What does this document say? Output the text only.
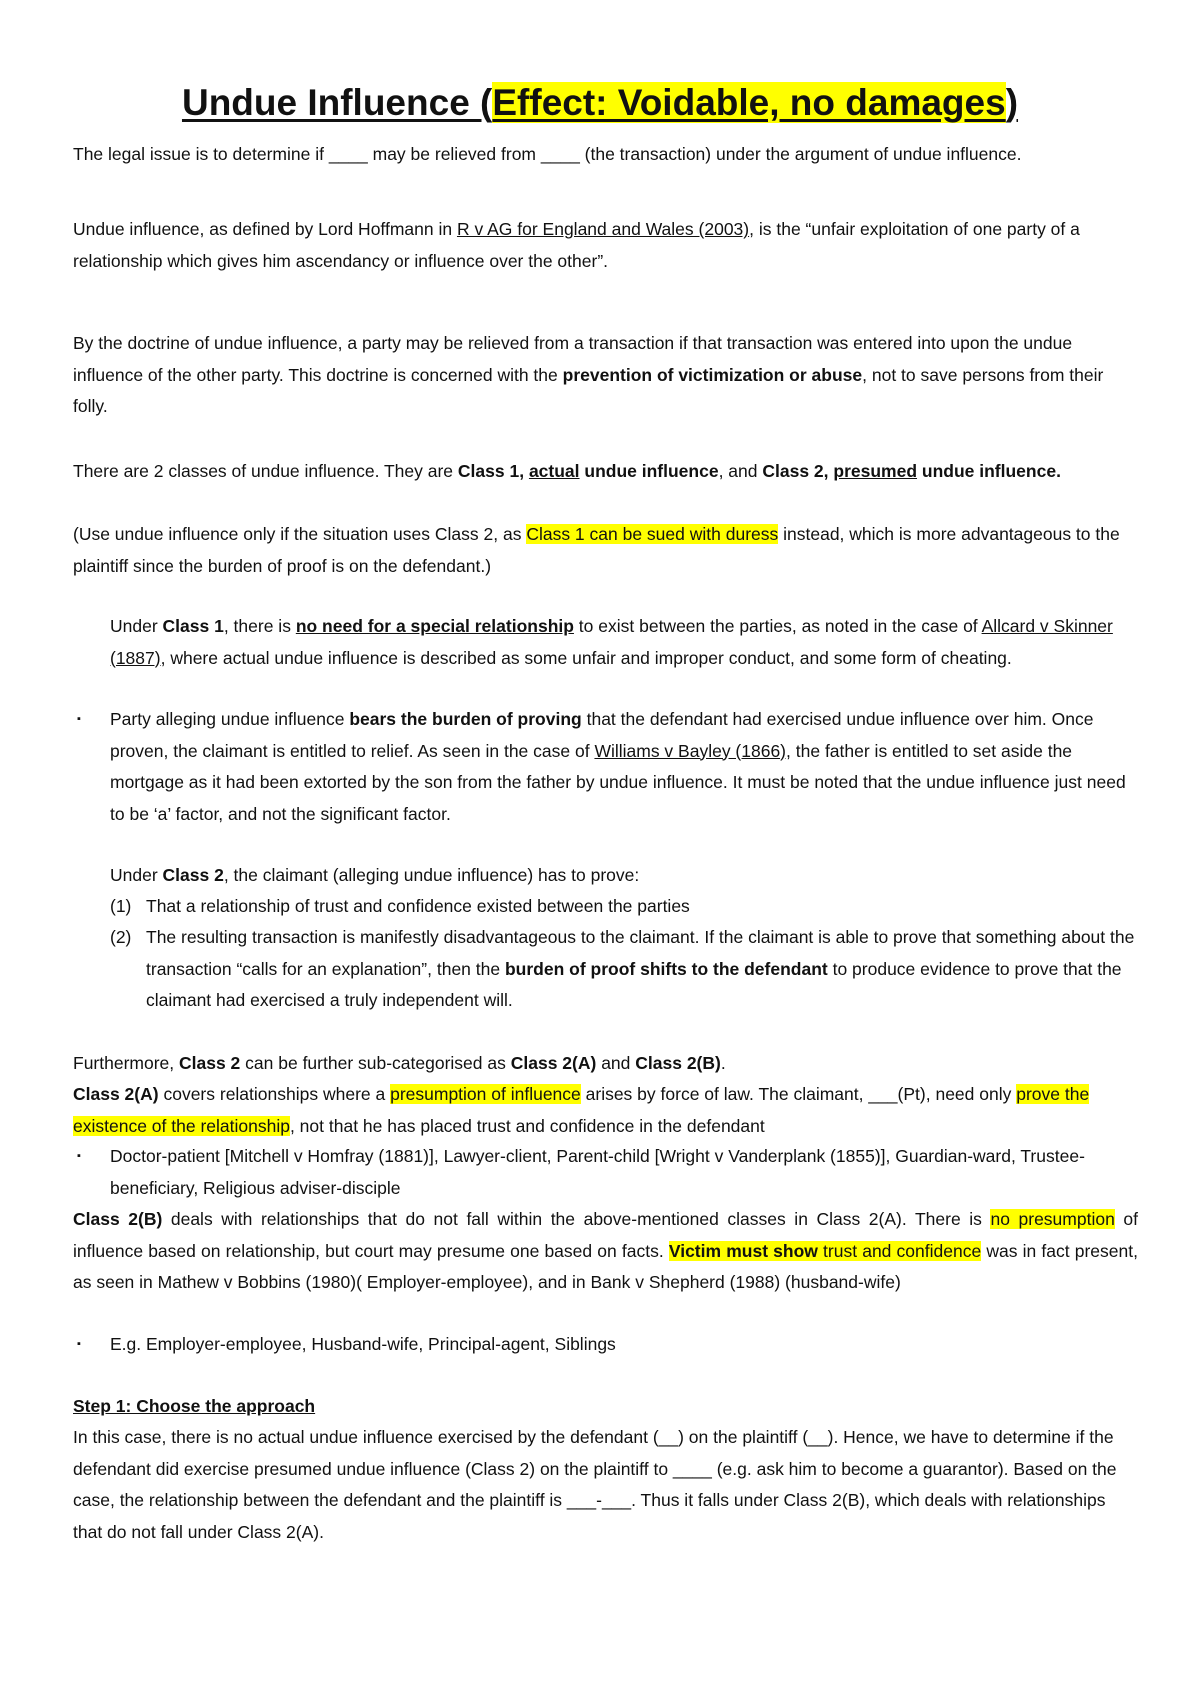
Undue Influence (Effect: Voidable, no damages)
The legal issue is to determine if ____ may be relieved from ____ (the transaction) under the argument of undue influence.
Undue influence, as defined by Lord Hoffmann in R v AG for England and Wales (2003), is the “unfair exploitation of one party of a relationship which gives him ascendancy or influence over the other”.
By the doctrine of undue influence, a party may be relieved from a transaction if that transaction was entered into upon the undue influence of the other party. This doctrine is concerned with the prevention of victimization or abuse, not to save persons from their folly.
There are 2 classes of undue influence. They are Class 1, actual undue influence, and Class 2, presumed undue influence.
(Use undue influence only if the situation uses Class 2, as Class 1 can be sued with duress instead, which is more advantageous to the plaintiff since the burden of proof is on the defendant.)
Under Class 1, there is no need for a special relationship to exist between the parties, as noted in the case of Allcard v Skinner (1887), where actual undue influence is described as some unfair and improper conduct, and some form of cheating.
▪ Party alleging undue influence bears the burden of proving that the defendant had exercised undue influence over him. Once proven, the claimant is entitled to relief. As seen in the case of Williams v Bayley (1866), the father is entitled to set aside the mortgage as it had been extorted by the son from the father by undue influence. It must be noted that the undue influence just need to be ‘a’ factor, and not the significant factor.
Under Class 2, the claimant (alleging undue influence) has to prove:
(1) That a relationship of trust and confidence existed between the parties
(2) The resulting transaction is manifestly disadvantageous to the claimant. If the claimant is able to prove that something about the transaction “calls for an explanation”, then the burden of proof shifts to the defendant to produce evidence to prove that the claimant had exercised a truly independent will.
Furthermore, Class 2 can be further sub-categorised as Class 2(A) and Class 2(B).
Class 2(A) covers relationships where a presumption of influence arises by force of law. The claimant, ___(Pt), need only prove the existence of the relationship, not that he has placed trust and confidence in the defendant
▪ Doctor-patient [Mitchell v Homfray (1881)], Lawyer-client, Parent-child [Wright v Vanderplank (1855)], Guardian-ward, Trustee-beneficiary, Religious adviser-disciple
Class 2(B) deals with relationships that do not fall within the above-mentioned classes in Class 2(A). There is no presumption of influence based on relationship, but court may presume one based on facts. Victim must show trust and confidence was in fact present, as seen in Mathew v Bobbins (1980)( Employer-employee), and in Bank v Shepherd (1988) (husband-wife)
▪ E.g. Employer-employee, Husband-wife, Principal-agent, Siblings
Step 1: Choose the approach
In this case, there is no actual undue influence exercised by the defendant (__) on the plaintiff (__). Hence, we have to determine if the defendant did exercise presumed undue influence (Class 2) on the plaintiff to ____ (e.g. ask him to become a guarantor). Based on the case, the relationship between the defendant and the plaintiff is ___-___. Thus it falls under Class 2(B), which deals with relationships that do not fall under Class 2(A).
